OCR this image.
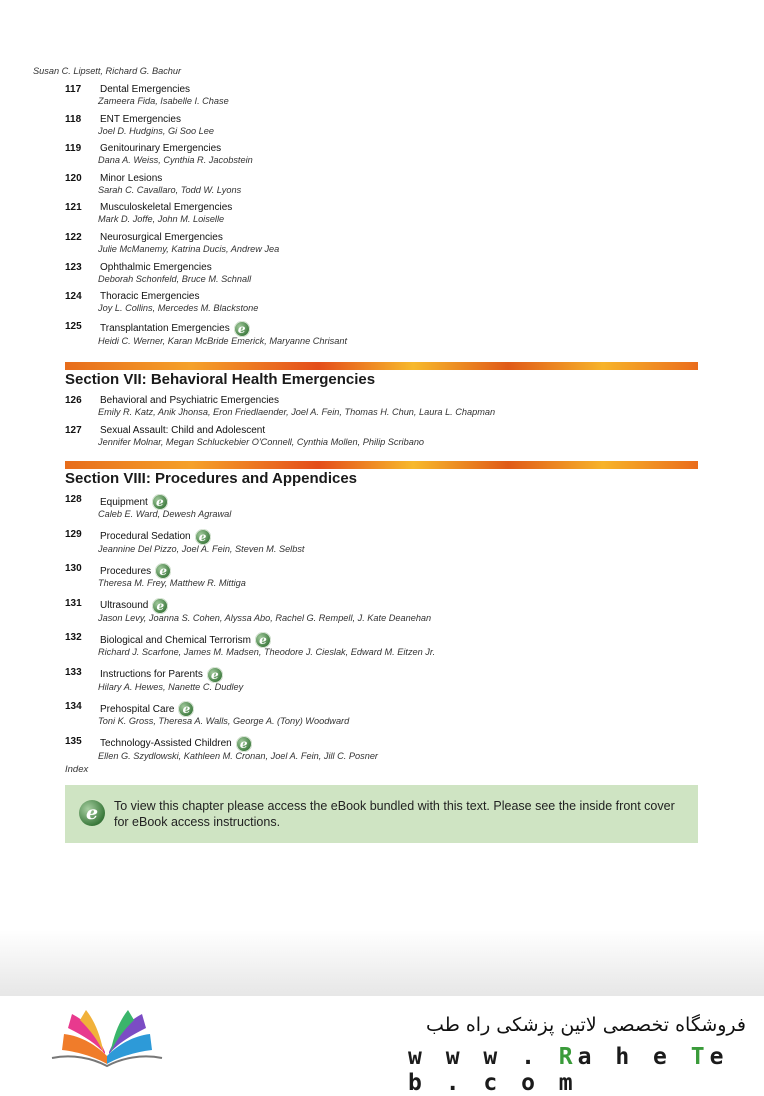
Susan C. Lipsett, Richard G. Bachur
117 Dental Emergencies
Zameera Fida, Isabelle I. Chase
118 ENT Emergencies
Joel D. Hudgins, Gi Soo Lee
119 Genitourinary Emergencies
Dana A. Weiss, Cynthia R. Jacobstein
120 Minor Lesions
Sarah C. Cavallaro, Todd W. Lyons
121 Musculoskeletal Emergencies
Mark D. Joffe, John M. Loiselle
122 Neurosurgical Emergencies
Julie McManemy, Katrina Ducis, Andrew Jea
123 Ophthalmic Emergencies
Deborah Schonfeld, Bruce M. Schnall
124 Thoracic Emergencies
Joy L. Collins, Mercedes M. Blackstone
125 Transplantation Emergencies e
Heidi C. Werner, Karan McBride Emerick, Maryanne Chrisant
Section VII: Behavioral Health Emergencies
126 Behavioral and Psychiatric Emergencies
Emily R. Katz, Anik Jhonsa, Eron Friedlaender, Joel A. Fein, Thomas H. Chun, Laura L. Chapman
127 Sexual Assault: Child and Adolescent
Jennifer Molnar, Megan Schluckebier O'Connell, Cynthia Mollen, Philip Scribano
Section VIII: Procedures and Appendices
128 Equipment e
Caleb E. Ward, Dewesh Agrawal
129 Procedural Sedation e
Jeannine Del Pizzo, Joel A. Fein, Steven M. Selbst
130 Procedures e
Theresa M. Frey, Matthew R. Mittiga
131 Ultrasound e
Jason Levy, Joanna S. Cohen, Alyssa Abo, Rachel G. Rempell, J. Kate Deanehan
132 Biological and Chemical Terrorism e
Richard J. Scarfone, James M. Madsen, Theodore J. Cieslak, Edward M. Eitzen Jr.
133 Instructions for Parents e
Hilary A. Hewes, Nanette C. Dudley
134 Prehospital Care e
Toni K. Gross, Theresa A. Walls, George A. (Tony) Woodward
135 Technology-Assisted Children e
Ellen G. Szydlowski, Kathleen M. Cronan, Joel A. Fein, Jill C. Posner
Index
e	To view this chapter please access the eBook bundled with this text. Please see the inside front cover for eBook access instructions.
فروشگاه تخصصی لاتین پزشکی راه طب
w w w . Ra h e Te b . c o m
